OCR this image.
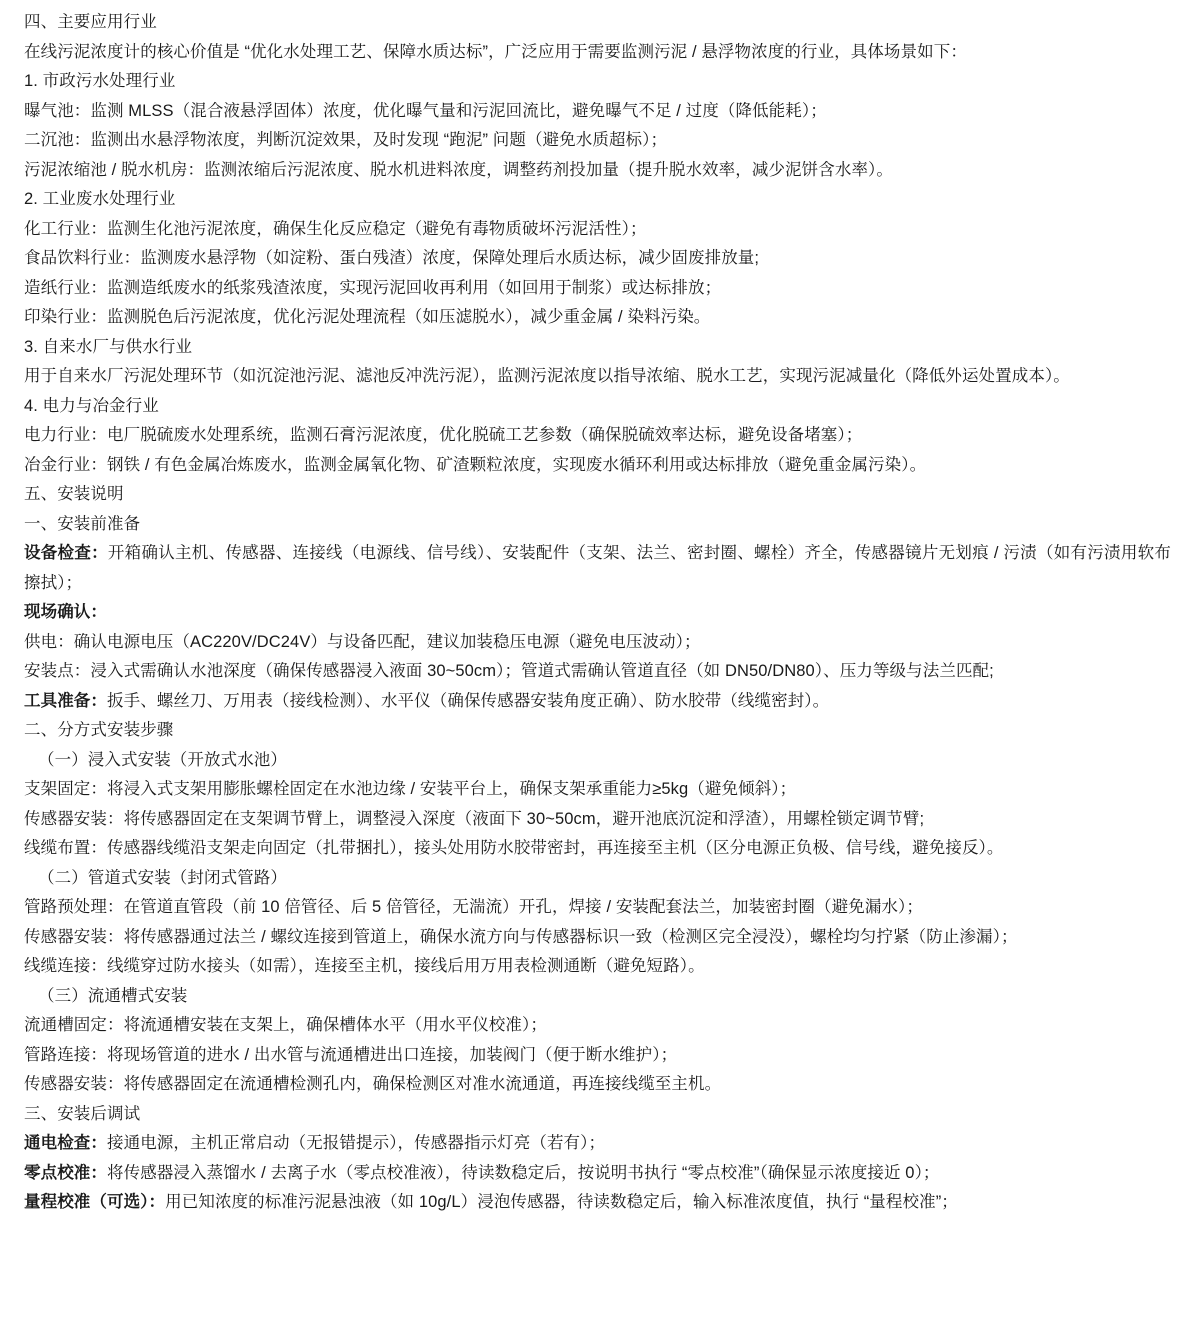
四、主要应用行业

在线污泥浓度计的核心价值是 “优化水处理工艺、保障水质达标”，广泛应用于需要监测污泥 / 悬浮物浓度的行业，具体场景如下：

1. 市政污水处理行业

曝气池：监测 MLSS（混合液悬浮固体）浓度，优化曝气量和污泥回流比，避免曝气不足 / 过度（降低能耗）；

二沉池：监测出水悬浮物浓度，判断沉淀效果，及时发现 “跑泥” 问题（避免水质超标）；

污泥浓缩池 / 脱水机房：监测浓缩后污泥浓度、脱水机进料浓度，调整药剂投加量（提升脱水效率，减少泥饼含水率）。

2. 工业废水处理行业

化工行业：监测生化池污泥浓度，确保生化反应稳定（避免有毒物质破坏污泥活性）；

食品饮料行业：监测废水悬浮物（如淀粉、蛋白残渣）浓度，保障处理后水质达标，减少固废排放量;

造纸行业：监测造纸废水的纸浆残渣浓度，实现污泥回收再利用（如回用于制浆）或达标排放；

印染行业：监测脱色后污泥浓度，优化污泥处理流程（如压滤脱水），减少重金属 / 染料污染。

3. 自来水厂与供水行业

用于自来水厂污泥处理环节（如沉淀池污泥、滤池反冲洗污泥），监测污泥浓度以指导浓缩、脱水工艺，实现污泥减量化（降低外运处置成本）。

4. 电力与冶金行业

电力行业：电厂脱硫废水处理系统，监测石膏污泥浓度，优化脱硫工艺参数（确保脱硫效率达标，避免设备堵塞）；

冶金行业：钢铁 / 有色金属冶炼废水，监测金属氧化物、矿渣颗粒浓度，实现废水循环利用或达标排放（避免重金属污染）。

五、安装说明

一、安装前准备

设备检查：开箱确认主机、传感器、连接线（电源线、信号线）、安装配件（支架、法兰、密封圈、螺栓）齐全，传感器镜片无划痕 / 污渍（如有污渍用软布擦拭）；

现场确认：

供电：确认电源电压（AC220V/DC24V）与设备匹配，建议加装稳压电源（避免电压波动）；

安装点：浸入式需确认水池深度（确保传感器浸入液面 30~50cm）；管道式需确认管道直径（如 DN50/DN80）、压力等级与法兰匹配;

工具准备：扳手、螺丝刀、万用表（接线检测）、水平仪（确保传感器安装角度正确）、防水胶带（线缆密封）。

二、分方式安装步骤

（一）浸入式安装（开放式水池）

支架固定：将浸入式支架用膨胀螺栓固定在水池边缘 / 安装平台上，确保支架承重能力≥5kg（避免倾斜）；

传感器安装：将传感器固定在支架调节臂上，调整浸入深度（液面下 30~50cm，避开池底沉淀和浮渣），用螺栓锁定调节臂;

线缆布置：传感器线缆沿支架走向固定（扎带捆扎），接头处用防水胶带密封，再连接至主机（区分电源正负极、信号线，避免接反）。

（二）管道式安装（封闭式管路）

管路预处理：在管道直管段（前 10 倍管径、后 5 倍管径，无湍流）开孔，焊接 / 安装配套法兰，加装密封圈（避免漏水）；

传感器安装：将传感器通过法兰 / 螺纹连接到管道上，确保水流方向与传感器标识一致（检测区完全浸没），螺栓均匀拧紧（防止渗漏）；

线缆连接：线缆穿过防水接头（如需），连接至主机，接线后用万用表检测通断（避免短路）。

（三）流通槽式安装

流通槽固定：将流通槽安装在支架上，确保槽体水平（用水平仪校准）；

管路连接：将现场管道的进水 / 出水管与流通槽进出口连接，加装阀门（便于断水维护）；

传感器安装：将传感器固定在流通槽检测孔内，确保检测区对准水流通道，再连接线缆至主机。

三、安装后调试

通电检查：接通电源，主机正常启动（无报错提示），传感器指示灯亮（若有）；

零点校准：将传感器浸入蒸馏水 / 去离子水（零点校准液），待读数稳定后，按说明书执行 “零点校准”（确保显示浓度接近 0）；

量程校准（可选）：用已知浓度的标准污泥悬浊液（如 10g/L）浸泡传感器，待读数稳定后，输入标准浓度值，执行 “量程校准”；
